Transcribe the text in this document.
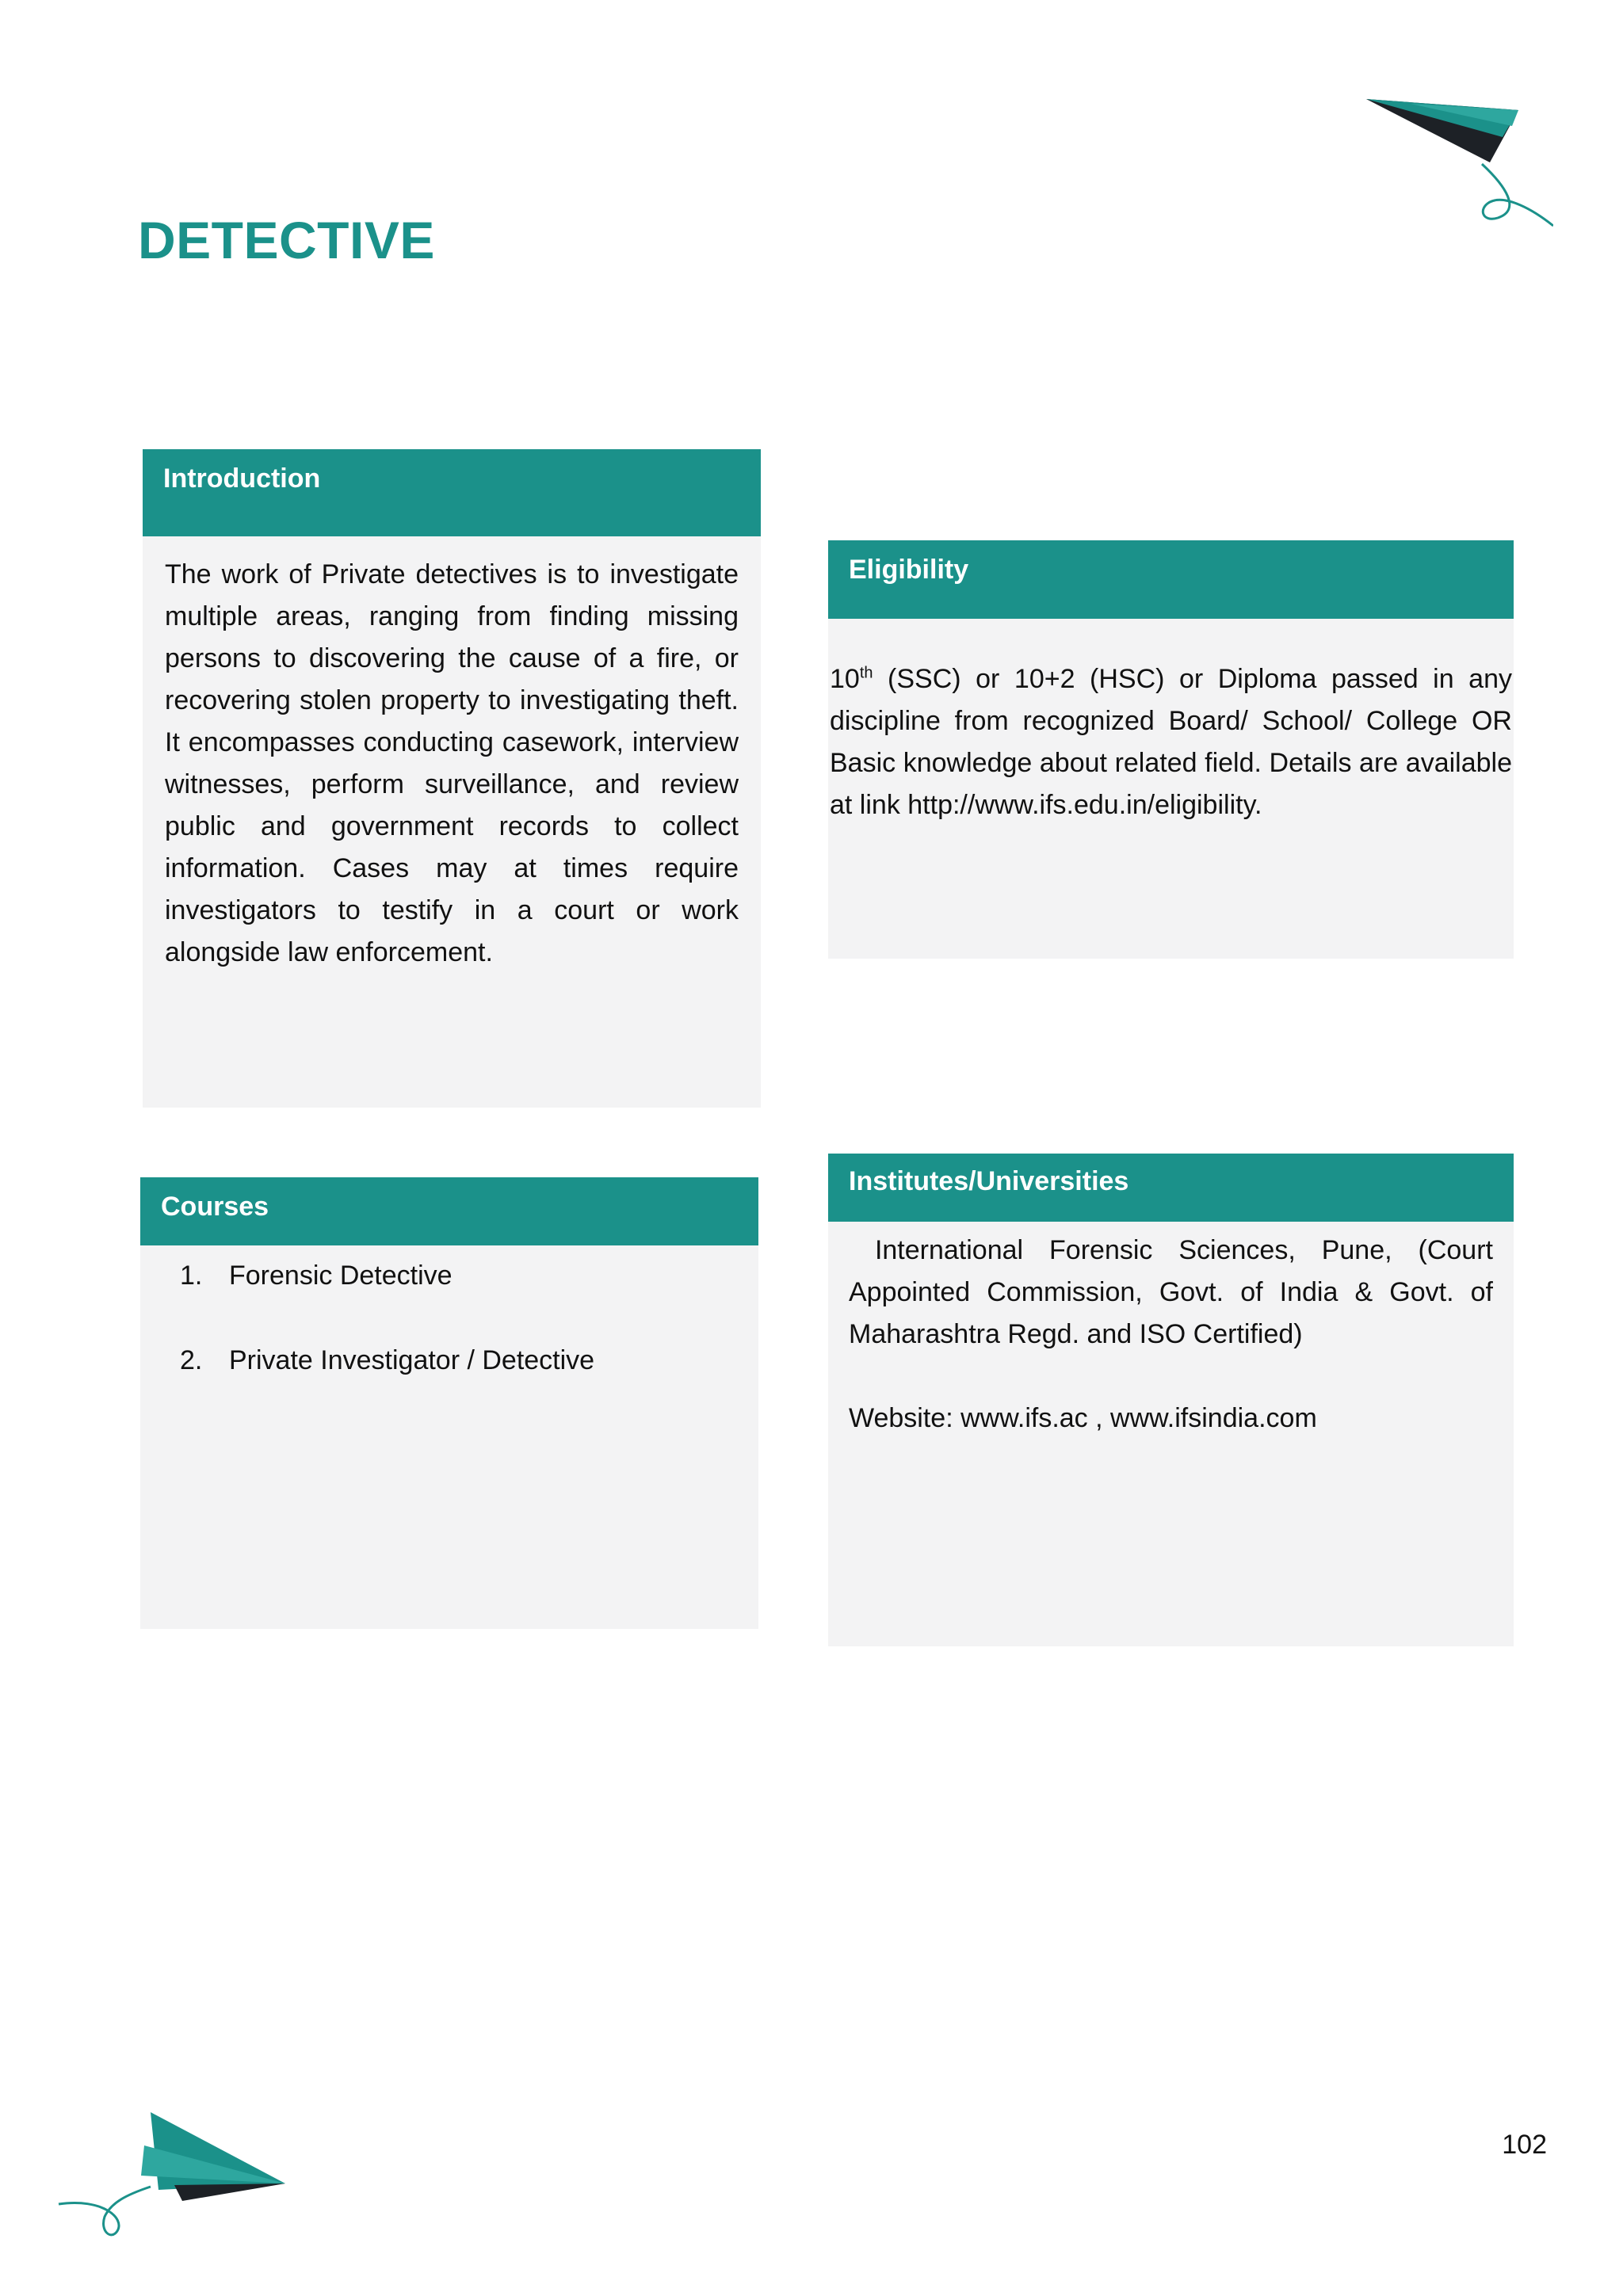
DETECTIVE
Introduction
The work of Private detectives is to investigate multiple areas, ranging from finding missing persons to discovering the cause of a fire, or recovering stolen property to investigating theft. It encompasses conducting casework, interview witnesses, perform surveillance, and review public and government records to collect information. Cases may at times require investigators to testify in a court or work alongside law enforcement.
Eligibility
10th (SSC) or 10+2 (HSC) or Diploma passed in any discipline from recognized Board/ School/ College OR Basic knowledge about related field. Details are available at link http://www.ifs.edu.in/eligibility.
Courses
1. Forensic Detective
2. Private Investigator / Detective
Institutes/Universities
International Forensic Sciences, Pune, (Court Appointed Commission, Govt. of India & Govt. of Maharashtra Regd. and ISO Certified)
Website: www.ifs.ac , www.ifsindia.com
102
